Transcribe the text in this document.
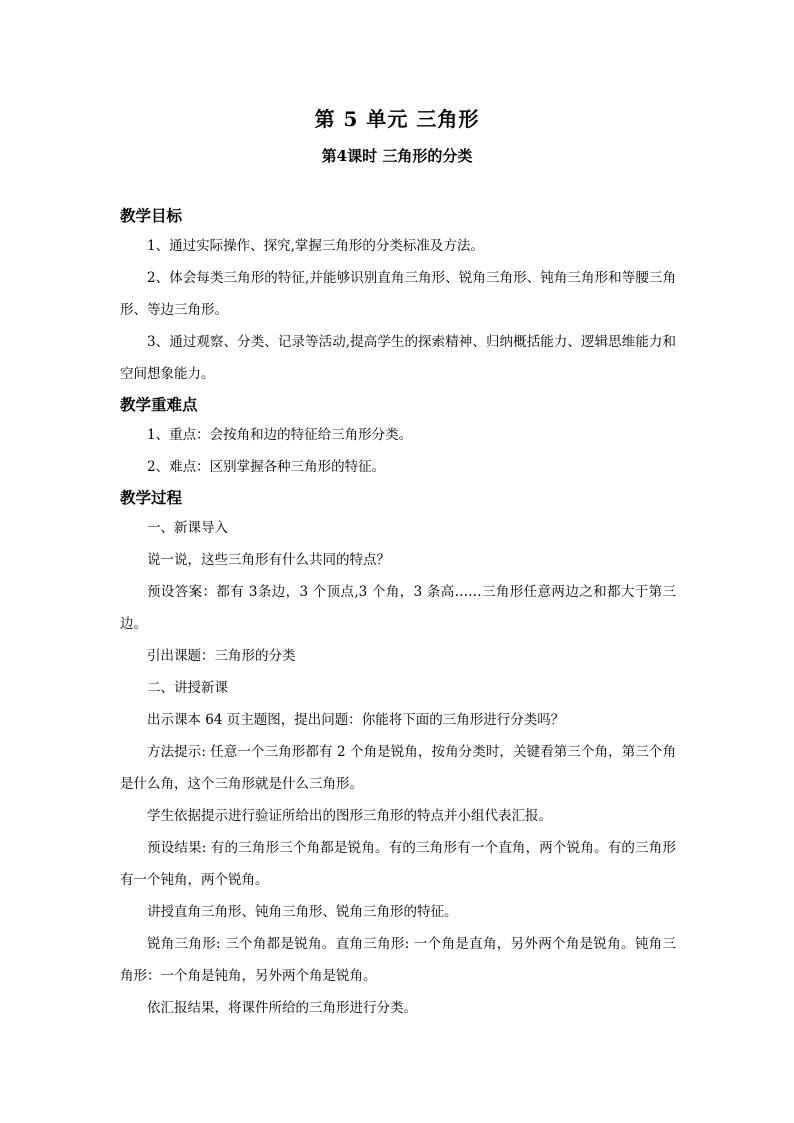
第 5 单元 三角形
第4课时 三角形的分类
教学目标

1、通过实际操作、探究,掌握三角形的分类标准及方法。

2、体会每类三角形的特征,并能够识别直角三角形、锐角三角形、钝角三角形和等腰三角形、等边三角形。

3、通过观察、分类、记录等活动,提高学生的探索精神、归纳概括能力、逻辑思维能力和空间想象能力。

教学重难点

1、重点：会按角和边的特征给三角形分类。

2、难点：区别掌握各种三角形的特征。

教学过程

一、新课导入

说一说，这些三角形有什么共同的特点？

预设答案：都有 3条边，3 个顶点,3 个角，3 条高……三角形任意两边之和都大于第三边。

引出课题：三角形的分类

二、讲授新课

出示课本 64 页主题图，提出问题：你能将下面的三角形进行分类吗？

方法提示: 任意一个三角形都有 2 个角是锐角，按角分类时，关键看第三个角，第三个角是什么角，这个三角形就是什么三角形。

学生依据提示进行验证所给出的图形三角形的特点并小组代表汇报。

预设结果: 有的三角形三个角都是锐角。有的三角形有一个直角，两个锐角。有的三角形有一个钝角，两个锐角。

讲授直角三角形、钝角三角形、锐角三角形的特征。

锐角三角形: 三个角都是锐角。直角三角形: 一个角是直角，另外两个角是锐角。钝角三角形：一个角是钝角，另外两个角是锐角。

依汇报结果，将课件所给的三角形进行分类。
